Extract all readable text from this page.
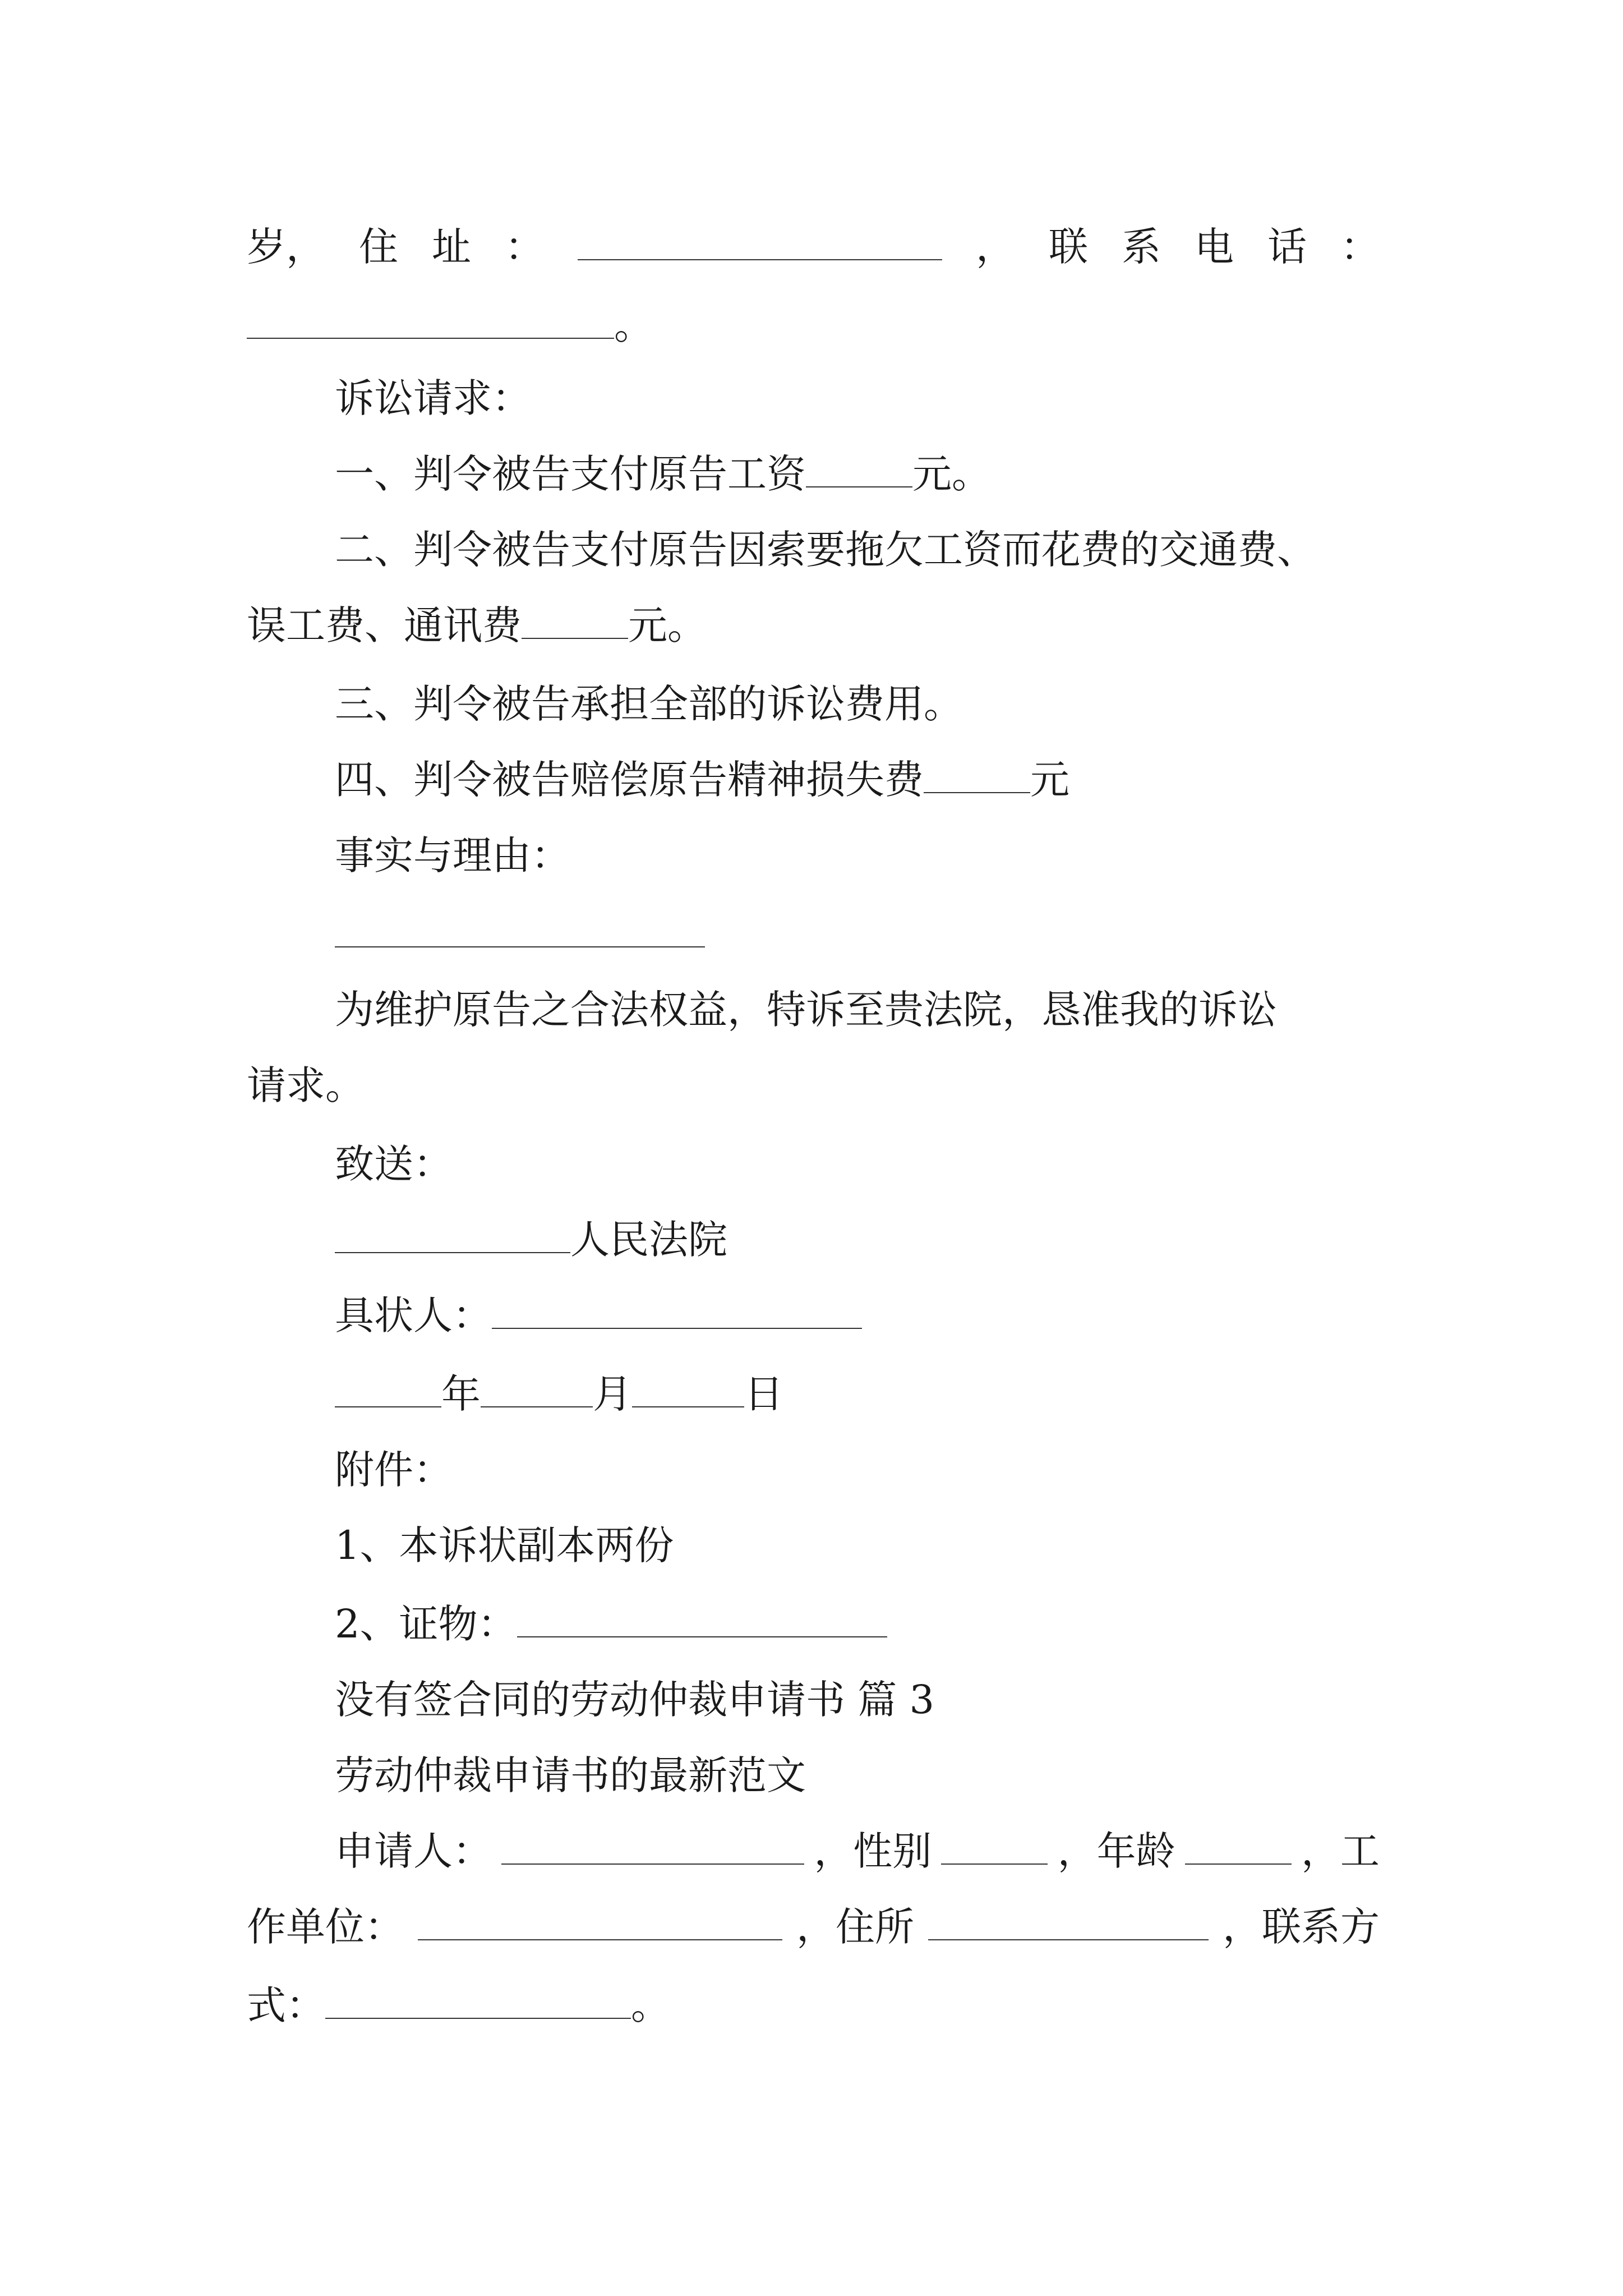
岁， 住 址 ：	， 联 系 电 话 ：
。
诉讼请求：
一、判令被告支付原告工资	元。
二、判令被告支付原告因索要拖欠工资而花费的交通费、
误工费、通讯费	元。
三、判令被告承担全部的诉讼费用。
四、判令被告赔偿原告精神损失费	元
事实与理由：
为维护原告之合法权益，特诉至贵法院，恳准我的诉讼
请求。
致送：
人民法院
具状人：
年	月	日
附件：
1、本诉状副本两份
2、证物：
没有签合同的劳动仲裁申请书 篇 3
劳动仲裁申请书的最新范文
申请人：	，性别	，年龄	，工
作单位：	，住所	，联系方
式：	。
